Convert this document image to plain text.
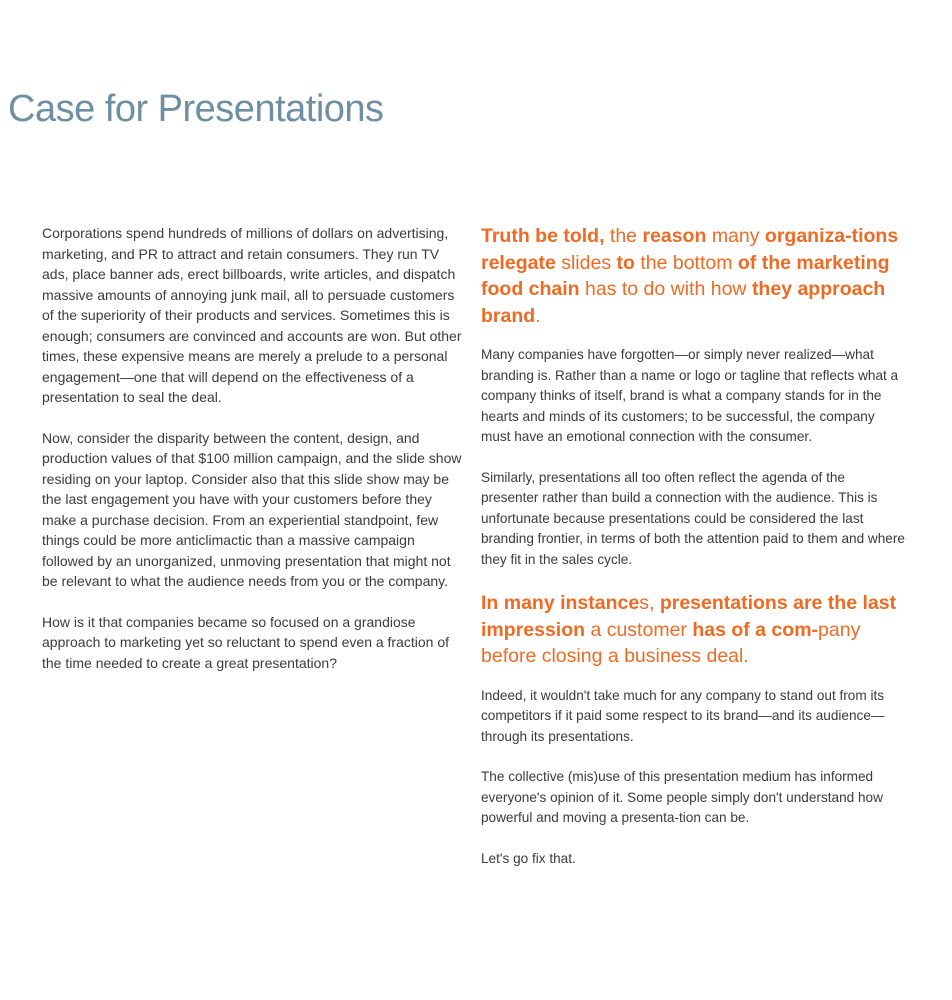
Case for Presentations

Corporations spend hundreds of millions of dollars on advertising, marketing, and PR to attract and retain consumers. They run TV ads, place banner ads, erect billboards, write articles, and dispatch massive amounts of annoying junk mail, all to persuade customers of the superiority of their products and services. Sometimes this is enough; consumers are convinced and accounts are won. But other times, these expensive means are merely a prelude to a personal engagement—one that will depend on the effectiveness of a presentation to seal the deal.

Now, consider the disparity between the content, design, and production values of that $100 million campaign, and the slide show residing on your laptop. Consider also that this slide show may be the last engagement you have with your customers before they make a purchase decision. From an experiential standpoint, few things could be more anticlimactic than a massive campaign followed by an unorganized, unmoving presentation that might not be relevant to what the audience needs from you or the company.

How is it that companies became so focused on a grandiose approach to marketing yet so reluctant to spend even a fraction of the time needed to create a great presentation?

Truth be told, the reason many organiza-tions relegate slides to the bottom of the marketing food chain has to do with how they approach brand.

Many companies have forgotten—or simply never realized—what branding is. Rather than a name or logo or tagline that reflects what a company thinks of itself, brand is what a company stands for in the hearts and minds of its customers; to be successful, the company must have an emotional connection with the consumer.

Similarly, presentations all too often reflect the agenda of the presenter rather than build a connection with the audience. This is unfortunate because presentations could be considered the last branding frontier, in terms of both the attention paid to them and where they fit in the sales cycle.

In many instances, presentations are the last impression a customer has of a com-pany before closing a business deal.

Indeed, it wouldn't take much for any company to stand out from its competitors if it paid some respect to its brand—and its audience—through its presentations.

The collective (mis)use of this presentation medium has informed everyone's opinion of it. Some people simply don't understand how powerful and moving a presenta-tion can be.

Let's go fix that.
